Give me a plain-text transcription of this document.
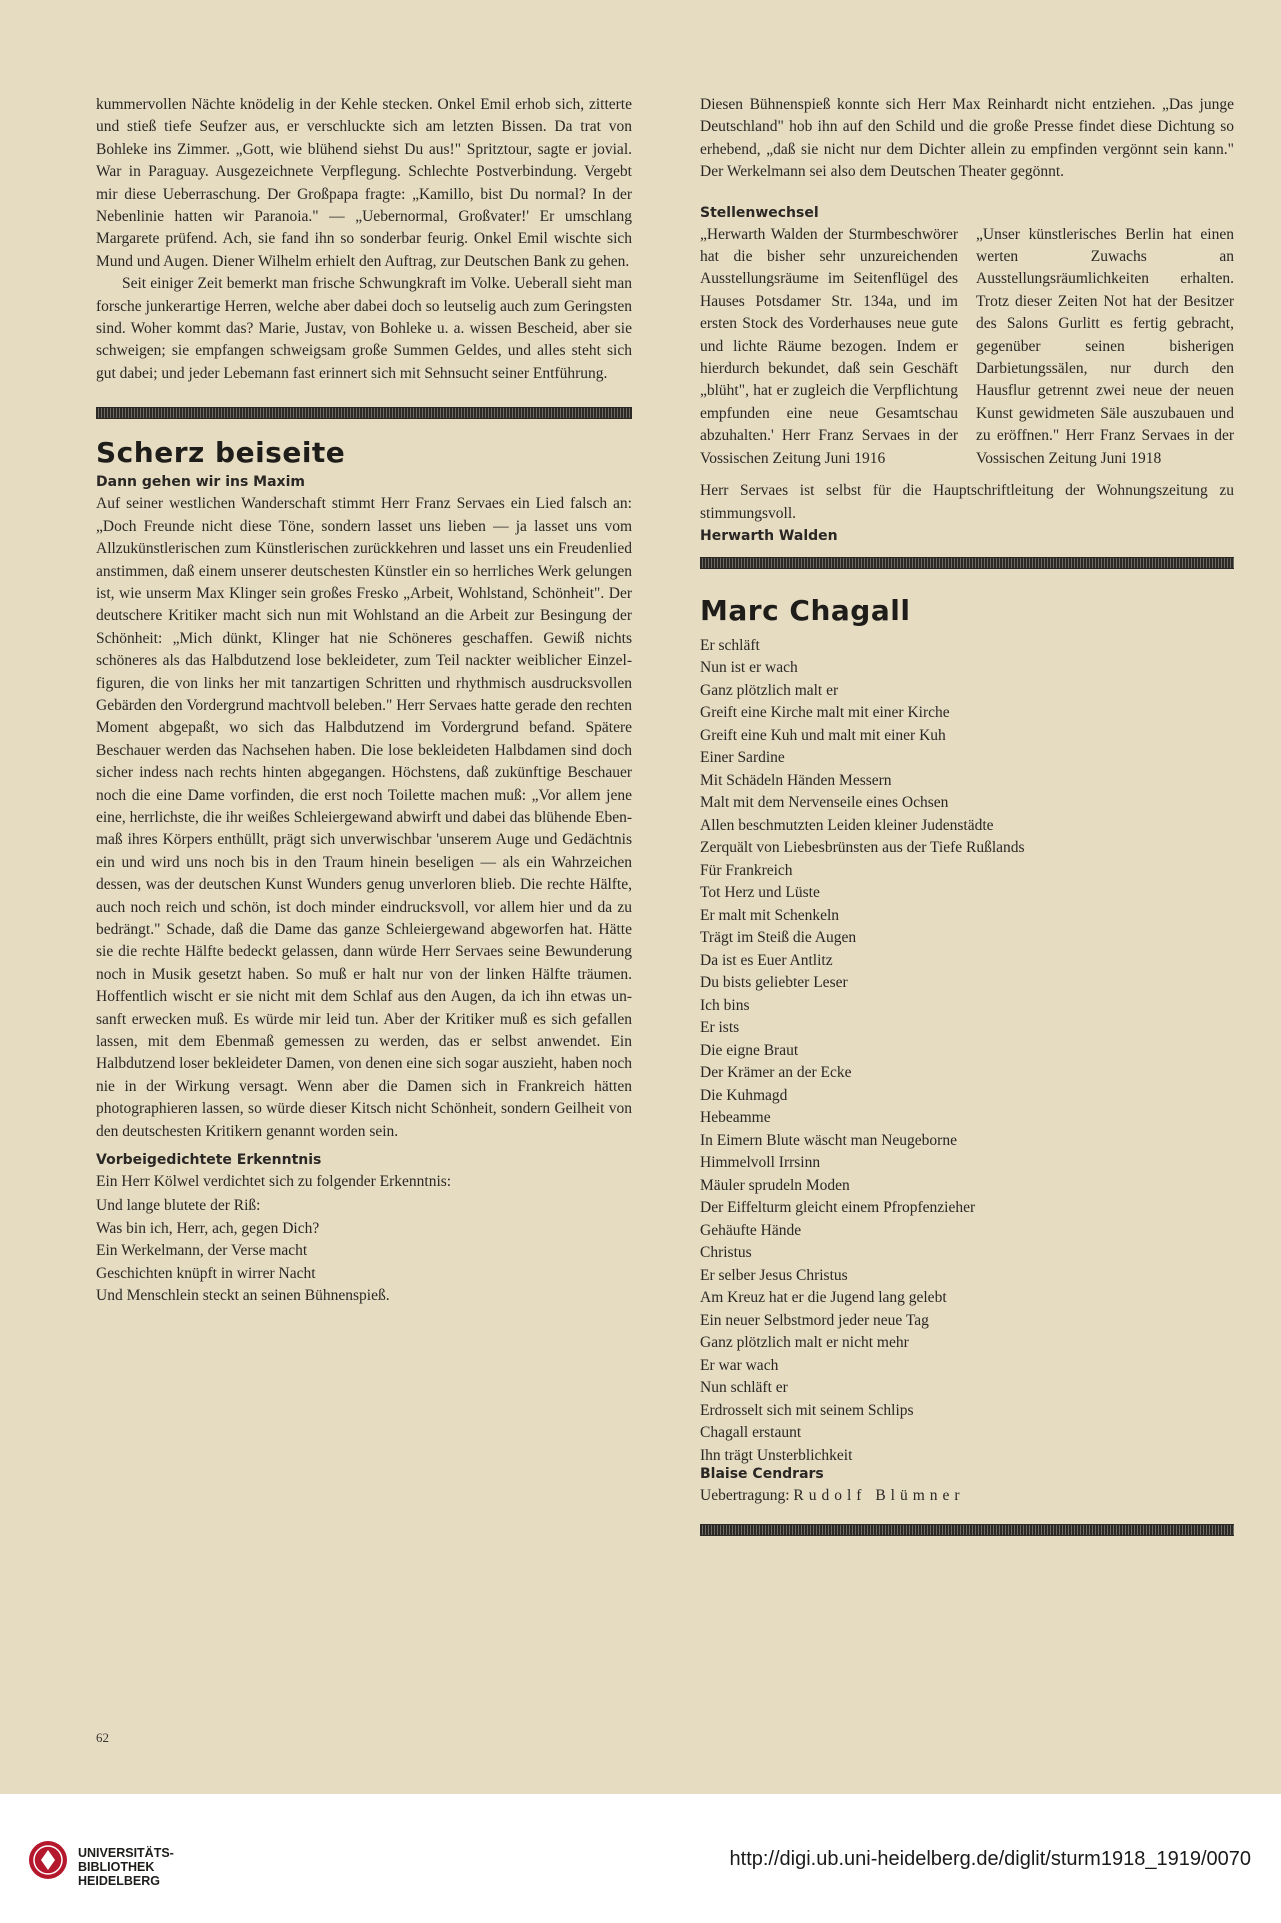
kummervollen Nächte knödelig in der Kehle stecken. Onkel Emil erhob sich, zitterte und stieß tiefe Seufzer aus, er verschluckte sich am letzten Bissen. Da trat von Bohleke ins Zimmer. „Gott, wie blühend siehst Du aus!" Spritztour, sagte er jovial. War in Paraguay. Ausgezeichnete Verpflegung. Schlechte Postverbindung. Vergebt mir diese Ueberraschung. Der Großpapa fragte: „Kamillo, bist Du normal? In der Nebenlinie hatten wir Paranoia." — „Uebernormal, Großvater!' Er umschlang Margarete prüfend. Ach, sie fand ihn so sonderbar feurig. Onkel Emil wischte sich Mund und Augen. Diener Wilhelm erhielt den Auftrag, zur Deutschen Bank zu gehen.

Seit einiger Zeit bemerkt man frische Schwungkraft im Volke. Ueberall sieht man forsche junkerartige Herren, welche aber dabei doch so leutselig auch zum Geringsten sind. Woher kommt das? Marie, Justav, von Bohleke u. a. wissen Bescheid, aber sie schweigen; sie empfangen schweigsam große Summen Geldes, und alles steht sich gut dabei; und jeder Lebemann fast erinnert sich mit Sehnsucht seiner Entführung.

Scherz beiseite

Dann gehen wir ins Maxim

Auf seiner westlichen Wanderschaft stimmt Herr Franz Servaes ein Lied falsch an: „Doch Freunde nicht diese Töne, sondern lasset uns lieben — ja lasset uns vom Allzukünstlerischen zum Künstlerischen zurückkehren und lasset uns ein Freudenlied anstimmen, daß einem unserer deutschesten Künstler ein so herrliches Werk gelungen ist, wie unserm Max Klinger sein großes Fresko „Arbeit, Wohlstand, Schönheit". Der deutschere Kritiker macht sich nun mit Wohlstand an die Arbeit zur Besingung der Schönheit: „Mich dünkt, Klinger hat nie Schöneres geschaffen. Gewiß nichts schöneres als das Halbdutzend lose bekleideter, zum Teil nackter weiblicher Einzelfiguren, die von links her mit tanzartigen Schritten und rhythmisch ausdrucksvollen Gebärden den Vordergrund machtvoll beleben." Herr Servaes hatte gerade den rechten Moment abgepaßt, wo sich das Halbdutzend im Vordergrund befand. Spätere Beschauer werden das Nachsehen haben. Die lose bekleideten Halbdamen sind doch sicher indess nach rechts hinten abgegangen. Höchstens, daß zukünftige Beschauer noch die eine Dame vorfinden, die erst noch Toilette machen muß: „Vor allem jene eine, herrlichste, die ihr weißes Schleiergewand abwirft und dabei das blühende Ebenmaß ihres Körpers enthüllt, prägt sich unverwischbar 'unserem Auge und Gedächtnis ein und wird uns noch bis in den Traum hinein beseligen — als ein Wahrzeichen dessen, was der deutschen Kunst Wunders genug unverloren blieb. Die rechte Hälfte, auch noch reich und schön, ist doch minder eindrucksvoll, vor allem hier und da zu bedrängt." Schade, daß die Dame das ganze Schleiergewand abgeworfen hat. Hätte sie die rechte Hälfte bedeckt gelassen, dann würde Herr Servaes seine Bewunderung noch in Musik gesetzt haben. So muß er halt nur von der linken Hälfte träumen. Hoffentlich wischt er sie nicht mit dem Schlaf aus den Augen, da ich ihn etwas unsanft erwecken muß. Es würde mir leid tun. Aber der Kritiker muß es sich gefallen lassen, mit dem Ebenmaß gemessen zu werden, das er selbst anwendet. Ein Halbdutzend loser bekleideter Damen, von denen eine sich sogar auszieht, haben noch nie in der Wirkung versagt. Wenn aber die Damen sich in Frankreich hätten photographieren lassen, so würde dieser Kitsch nicht Schönheit, sondern Geilheit von den deutschesten Kritikern genannt worden sein.

Vorbeigedichtete Erkenntnis

Ein Herr Kölwel verdichtet sich zu folgender Erkenntnis:

Und lange blutete der Riß:
Was bin ich, Herr, ach, gegen Dich?
Ein Werkelmann, der Verse macht
Geschichten knüpft in wirrer Nacht
Und Menschlein steckt an seinen Bühnenspieß.

Diesen Bühnenspieß konnte sich Herr Max Reinhardt nicht entziehen. „Das junge Deutschland" hob ihn auf den Schild und die große Presse findet diese Dichtung so erhebend, „daß sie nicht nur dem Dichter allein zu empfinden vergönnt sein kann." Der Werkelmann sei also dem Deutschen Theater gegönnt.

Stellenwechsel

„Herwarth Walden der Sturmbeschwörer hat die bisher sehr unzureichenden Ausstellungsräume im Seitenflügel des Hauses Potsdamer Str. 134a, und im ersten Stock des Vorderhauses neue gute und lichte Räume bezogen. Indem er hierdurch bekundet, daß sein Geschäft „blüht", hat er zugleich die Verpflichtung empfunden eine neue Gesamtschau abzuhalten.' Herr Franz Servaes in der Vossischen Zeitung Juni 1916

„Unser künstlerisches Berlin hat einen werten Zuwachs an Ausstellungsräumlichkeiten erhalten. Trotz dieser Zeiten Not hat der Besitzer des Salons Gurlitt es fertig gebracht, gegenüber seinen bisherigen Darbietungssälen, nur durch den Hausflur getrennt zwei neue der neuen Kunst gewidmeten Säle auszubauen und zu eröffnen." Herr Franz Servaes in der Vossischen Zeitung Juni 1918

Herr Servaes ist selbst für die Hauptschriftleitung der Wohnungszeitung zu stimmungsvoll.

Herwarth Walden

Marc Chagall
Er schläft
Nun ist er wach
Ganz plötzlich malt er
Greift eine Kirche malt mit einer Kirche
Greift eine Kuh und malt mit einer Kuh
Einer Sardine
Mit Schädeln Händen Messern
Malt mit dem Nervenseile eines Ochsen
Allen beschmutzten Leiden kleiner Judenstädte
Zerquält von Liebesbrünsten aus der Tiefe Rußlands
Für Frankreich
Tot Herz und Lüste
Er malt mit Schenkeln
Trägt im Steiß die Augen
Da ist es Euer Antlitz
Du bists geliebter Leser
Ich bins
Er ists
Die eigne Braut
Der Krämer an der Ecke
Die Kuhmagd
Hebeamme
In Eimern Blute wäscht man Neugeborne
Himmelvoll Irrsinn
Mäuler sprudeln Moden
Der Eiffelturm gleicht einem Pfropfenzieher
Gehäufte Hände
Christus
Er selber Jesus Christus
Am Kreuz hat er die Jugend lang gelebt
Ein neuer Selbstmord jeder neue Tag
Ganz plötzlich malt er nicht mehr
Er war wach
Nun schläft er
Erdrosselt sich mit seinem Schlips
Chagall erstaunt
Ihn trägt Unsterblichkeit

Blaise Cendrars

Uebertragung: Rudolf Blümner

62
UNIVERSITÄTS-
BIBLIOTHEK
HEIDELBERG
http://digi.ub.uni-heidelberg.de/diglit/sturm1918_1919/0070
